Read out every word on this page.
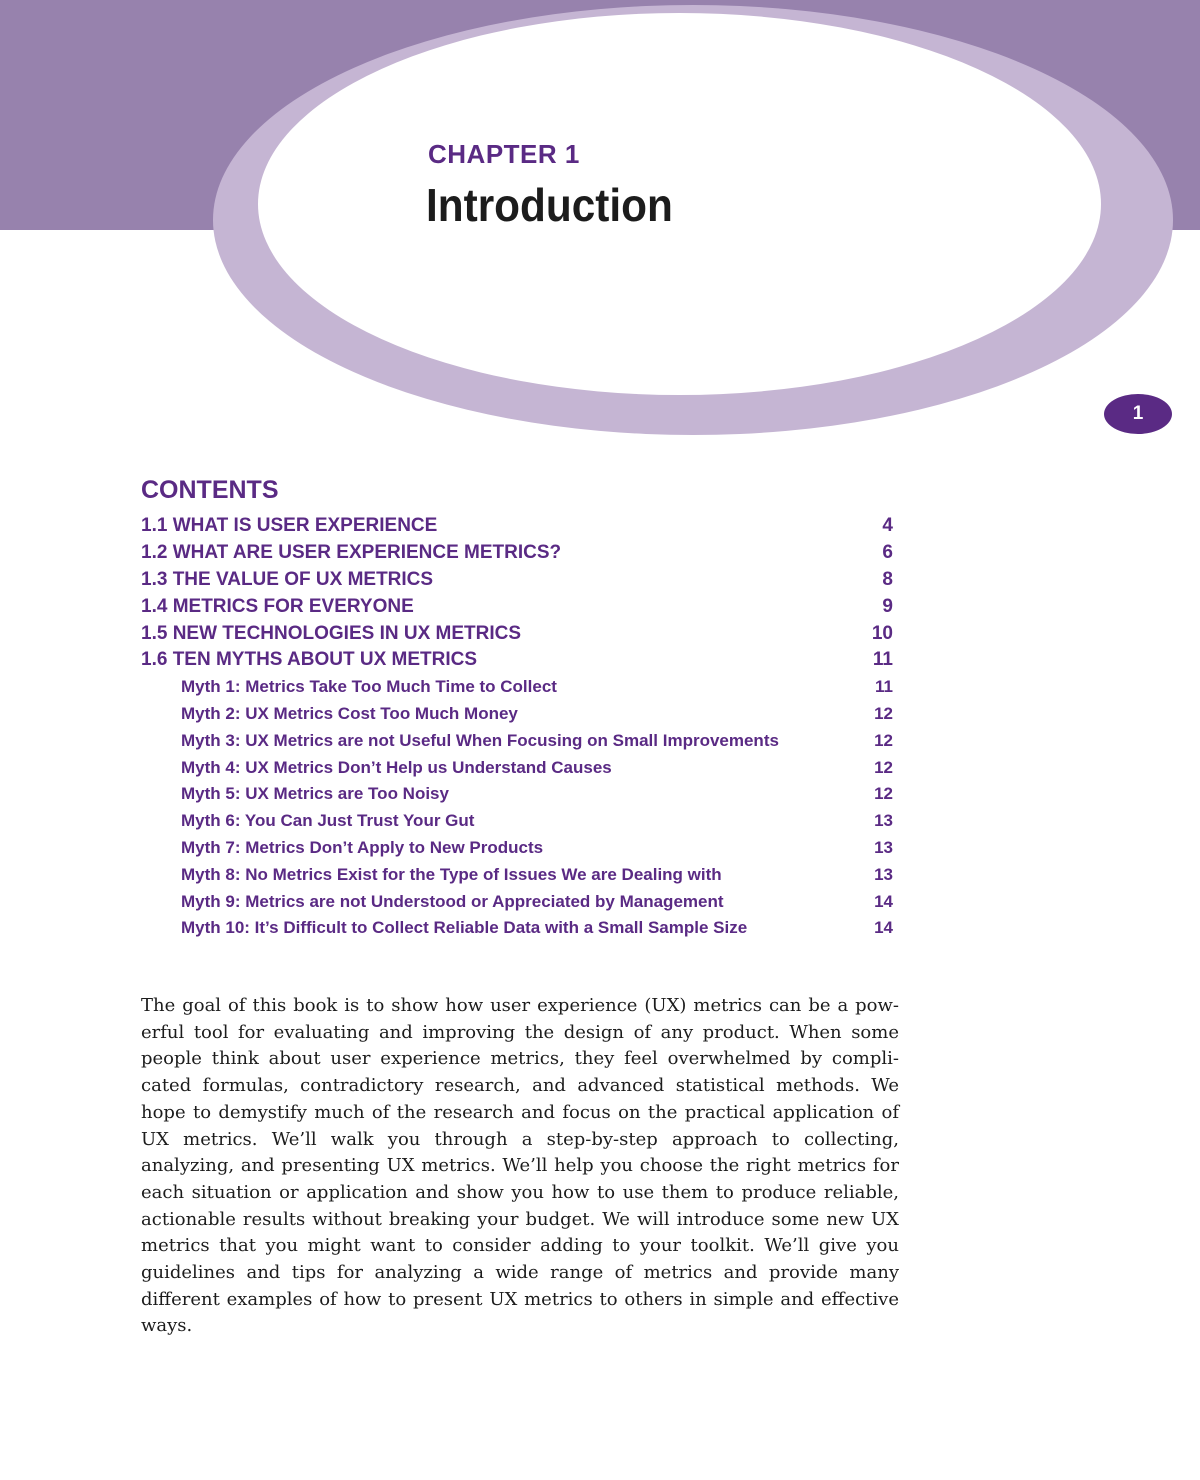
CHAPTER 1
Introduction
1
CONTENTS
1.1 WHAT IS USER EXPERIENCE	4
1.2 WHAT ARE USER EXPERIENCE METRICS?	6
1.3 THE VALUE OF UX METRICS	8
1.4 METRICS FOR EVERYONE	9
1.5 NEW TECHNOLOGIES IN UX METRICS	10
1.6 TEN MYTHS ABOUT UX METRICS	11
Myth 1: Metrics Take Too Much Time to Collect	11
Myth 2: UX Metrics Cost Too Much Money	12
Myth 3: UX Metrics are not Useful When Focusing on Small Improvements	12
Myth 4: UX Metrics Don’t Help us Understand Causes	12
Myth 5: UX Metrics are Too Noisy	12
Myth 6: You Can Just Trust Your Gut	13
Myth 7: Metrics Don’t Apply to New Products	13
Myth 8: No Metrics Exist for the Type of Issues We are Dealing with	13
Myth 9: Metrics are not Understood or Appreciated by Management	14
Myth 10: It’s Difficult to Collect Reliable Data with a Small Sample Size	14

The goal of this book is to show how user experience (UX) metrics can be a powerful tool for evaluating and improving the design of any product. When some people think about user experience metrics, they feel overwhelmed by complicated formulas, contradictory research, and advanced statistical methods. We hope to demystify much of the research and focus on the practical application of UX metrics. We’ll walk you through a step-by-step approach to collecting, analyzing, and presenting UX metrics. We’ll help you choose the right metrics for each situation or application and show you how to use them to produce reliable, actionable results without breaking your budget. We will introduce some new UX metrics that you might want to consider adding to your toolkit. We’ll give you guidelines and tips for analyzing a wide range of metrics and provide many different examples of how to present UX metrics to others in simple and effective ways.
